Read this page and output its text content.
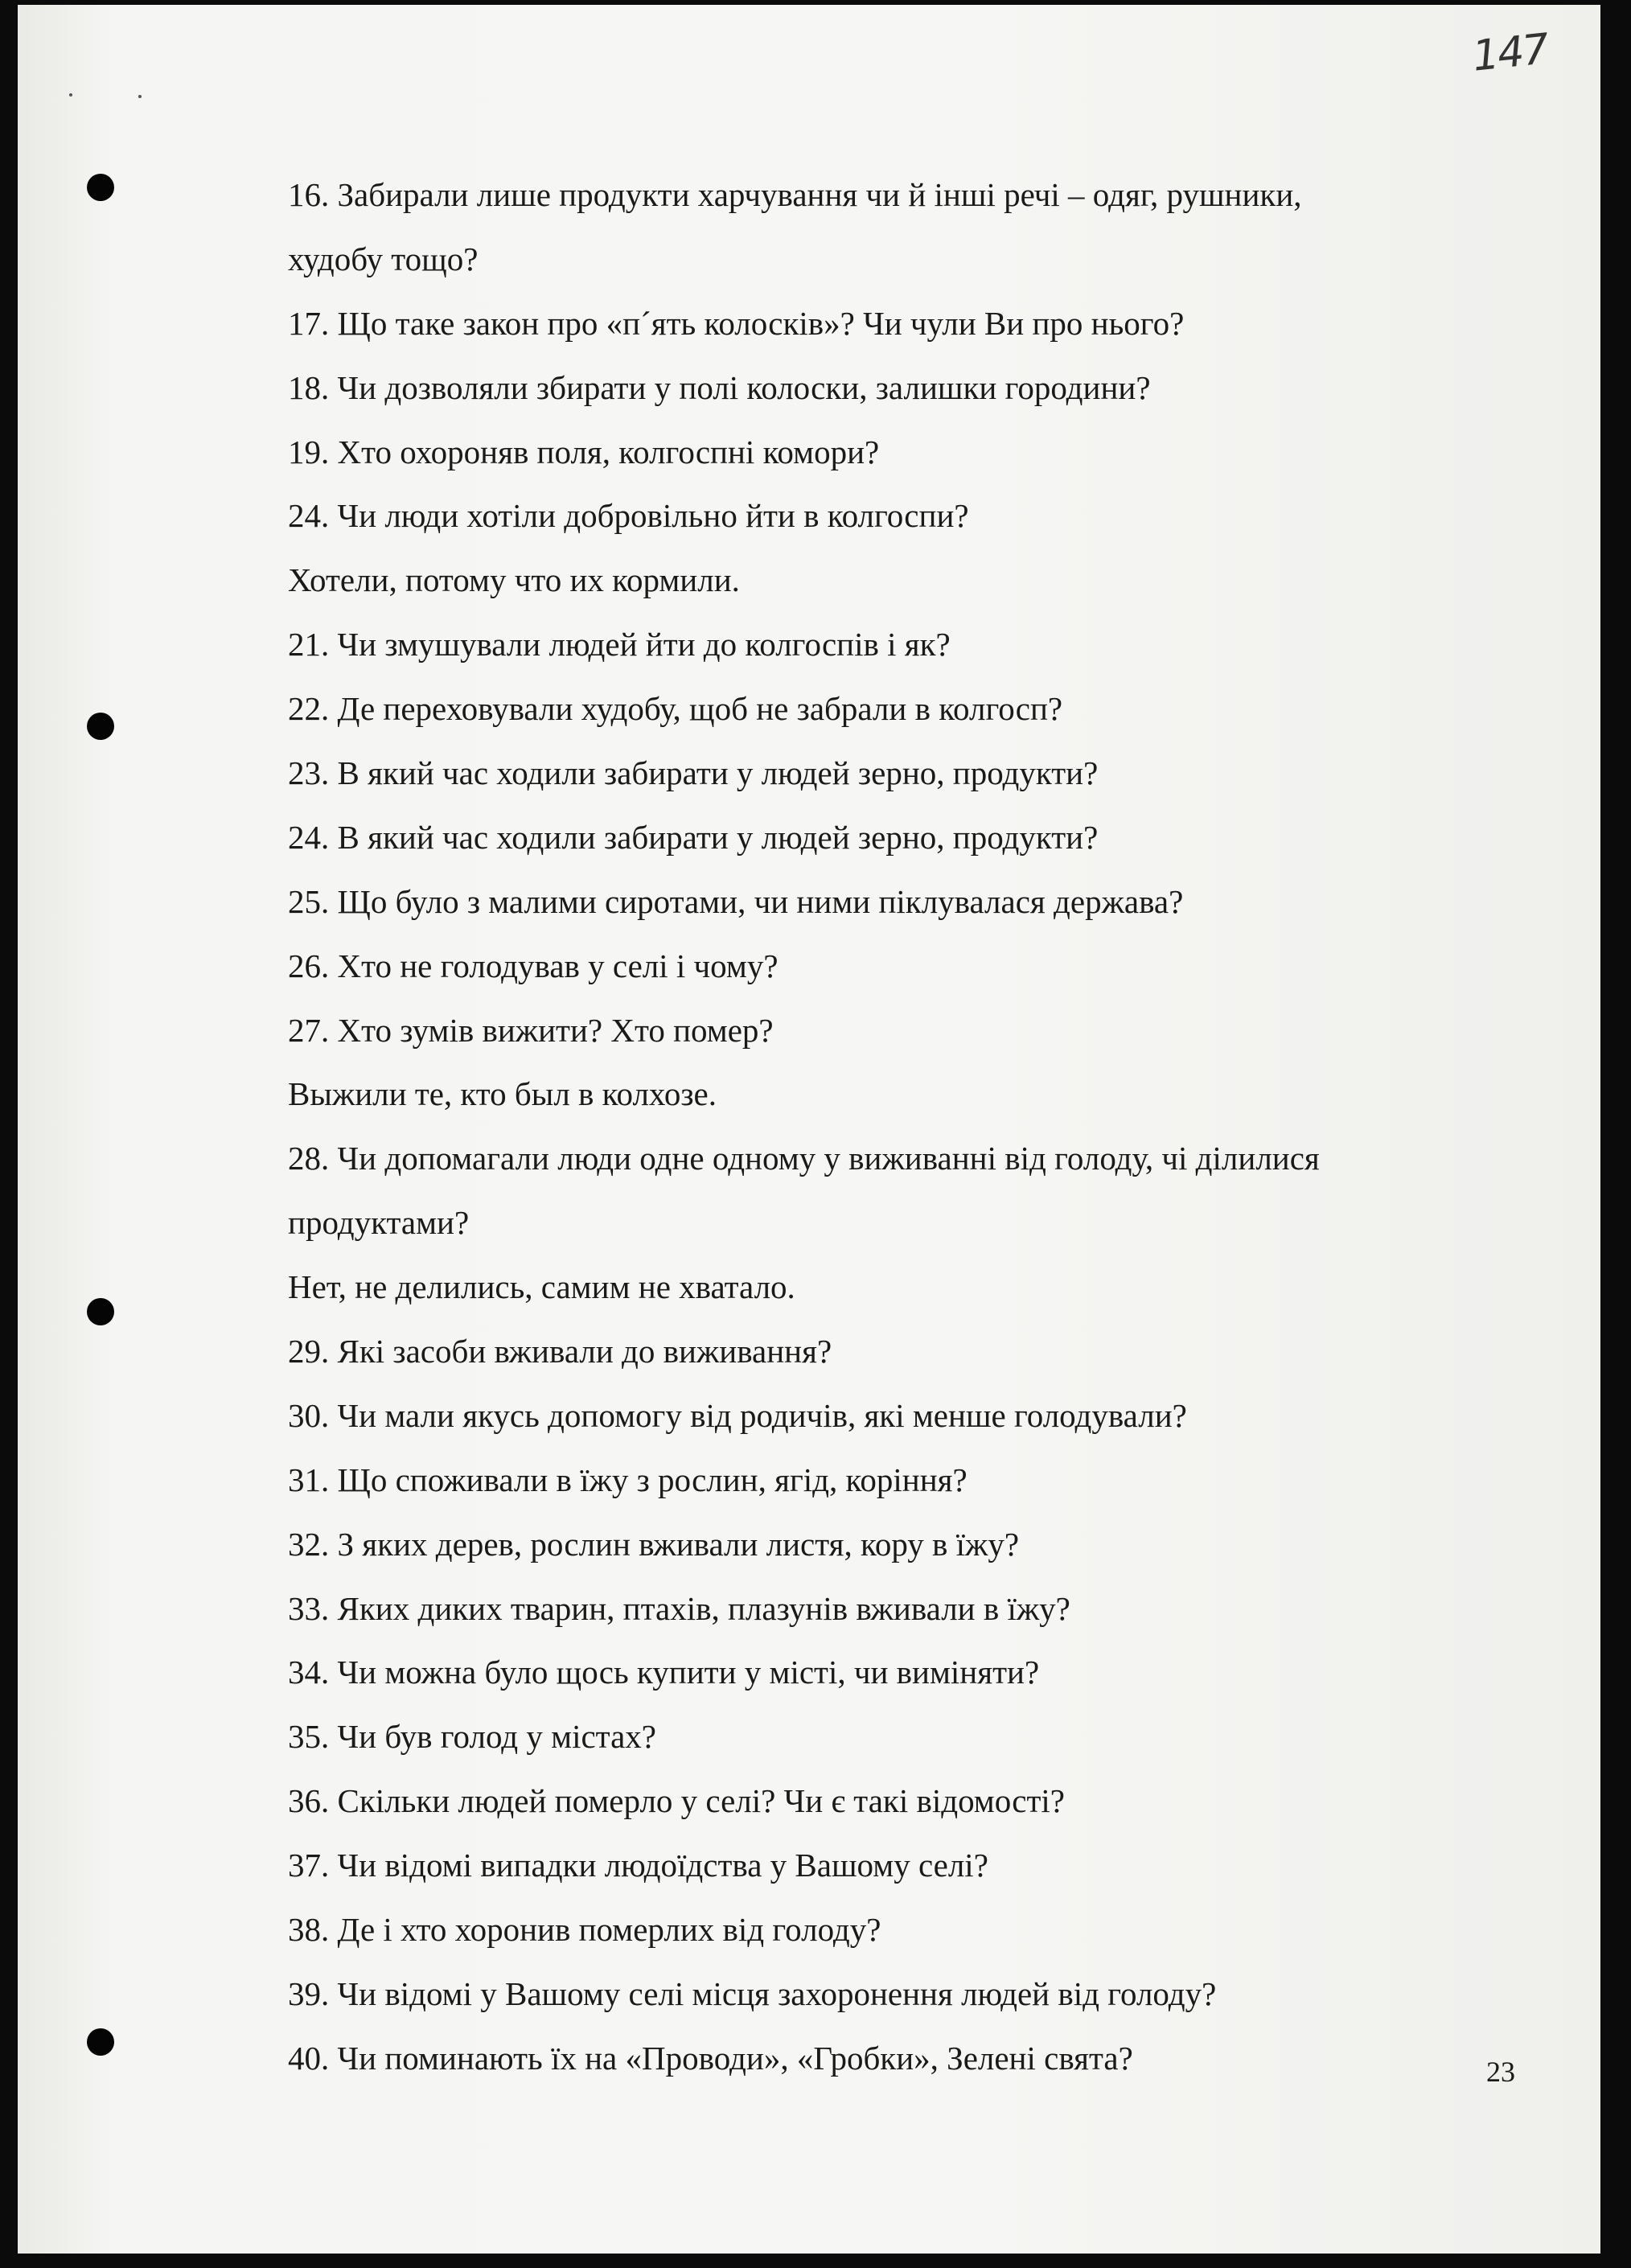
147
16. Забирали лише продукти харчування чи й інші речі – одяг, рушники,
худобу тощо?
17. Що таке закон про «п´ять колосків»? Чи чули Ви про нього?
18. Чи дозволяли збирати у полі колоски, залишки городини?
19. Хто охороняв поля, колгоспні комори?
24. Чи люди хотіли добровільно йти в колгоспи?
Хотели, потому что их кормили.
21. Чи змушували людей йти до колгоспів і як?
22. Де переховували худобу, щоб не забрали в колгосп?
23. В який час ходили забирати у людей зерно, продукти?
24. В який час ходили забирати у людей зерно, продукти?
25. Що було з малими сиротами, чи ними піклувалася держава?
26. Хто не голодував у селі і чому?
27. Хто зумів вижити? Хто помер?
Выжили те, кто был в колхозе.
28. Чи допомагали люди одне одному у виживанні від голоду, чі ділилися
продуктами?
Нет, не делились, самим не хватало.
29. Які засоби вживали до виживання?
30. Чи мали якусь допомогу від родичів, які менше голодували?
31. Що споживали в їжу з рослин, ягід, коріння?
32. З яких дерев, рослин вживали листя, кору в їжу?
33. Яких диких тварин, птахів, плазунів вживали в їжу?
34. Чи можна було щось купити у місті, чи виміняти?
35. Чи був голод у містах?
36. Скільки людей померло у селі? Чи є такі відомості?
37. Чи відомі випадки людоїдства у Вашому селі?
38. Де і хто хоронив померлих від голоду?
39. Чи відомі у Вашому селі місця захоронення людей від голоду?
40. Чи поминають їх на «Проводи», «Гробки», Зелені свята?	23
